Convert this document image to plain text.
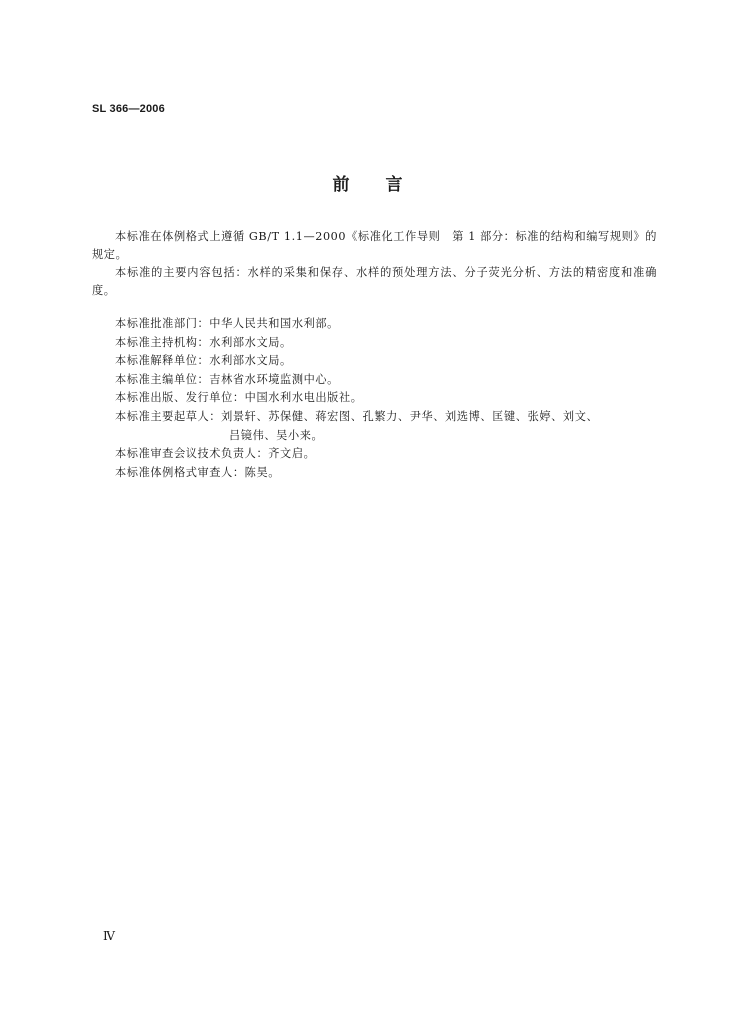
SL 366—2006
前 言
本标准在体例格式上遵循 GB/T 1.1—2000《标准化工作导则　第 1 部分：标准的结构和编写规则》的规定。
本标准的主要内容包括：水样的采集和保存、水样的预处理方法、分子荧光分析、方法的精密度和准确度。
本标准批准部门：中华人民共和国水利部。
本标准主持机构：水利部水文局。
本标准解释单位：水利部水文局。
本标准主编单位：吉林省水环境监测中心。
本标准出版、发行单位：中国水利水电出版社。
本标准主要起草人：刘景轩、苏保健、蒋宏图、孔繁力、尹华、刘选博、匡键、张婷、刘文、
吕镜伟、吴小来。
本标准审查会议技术负责人：齐文启。
本标准体例格式审查人：陈昊。
Ⅳ
